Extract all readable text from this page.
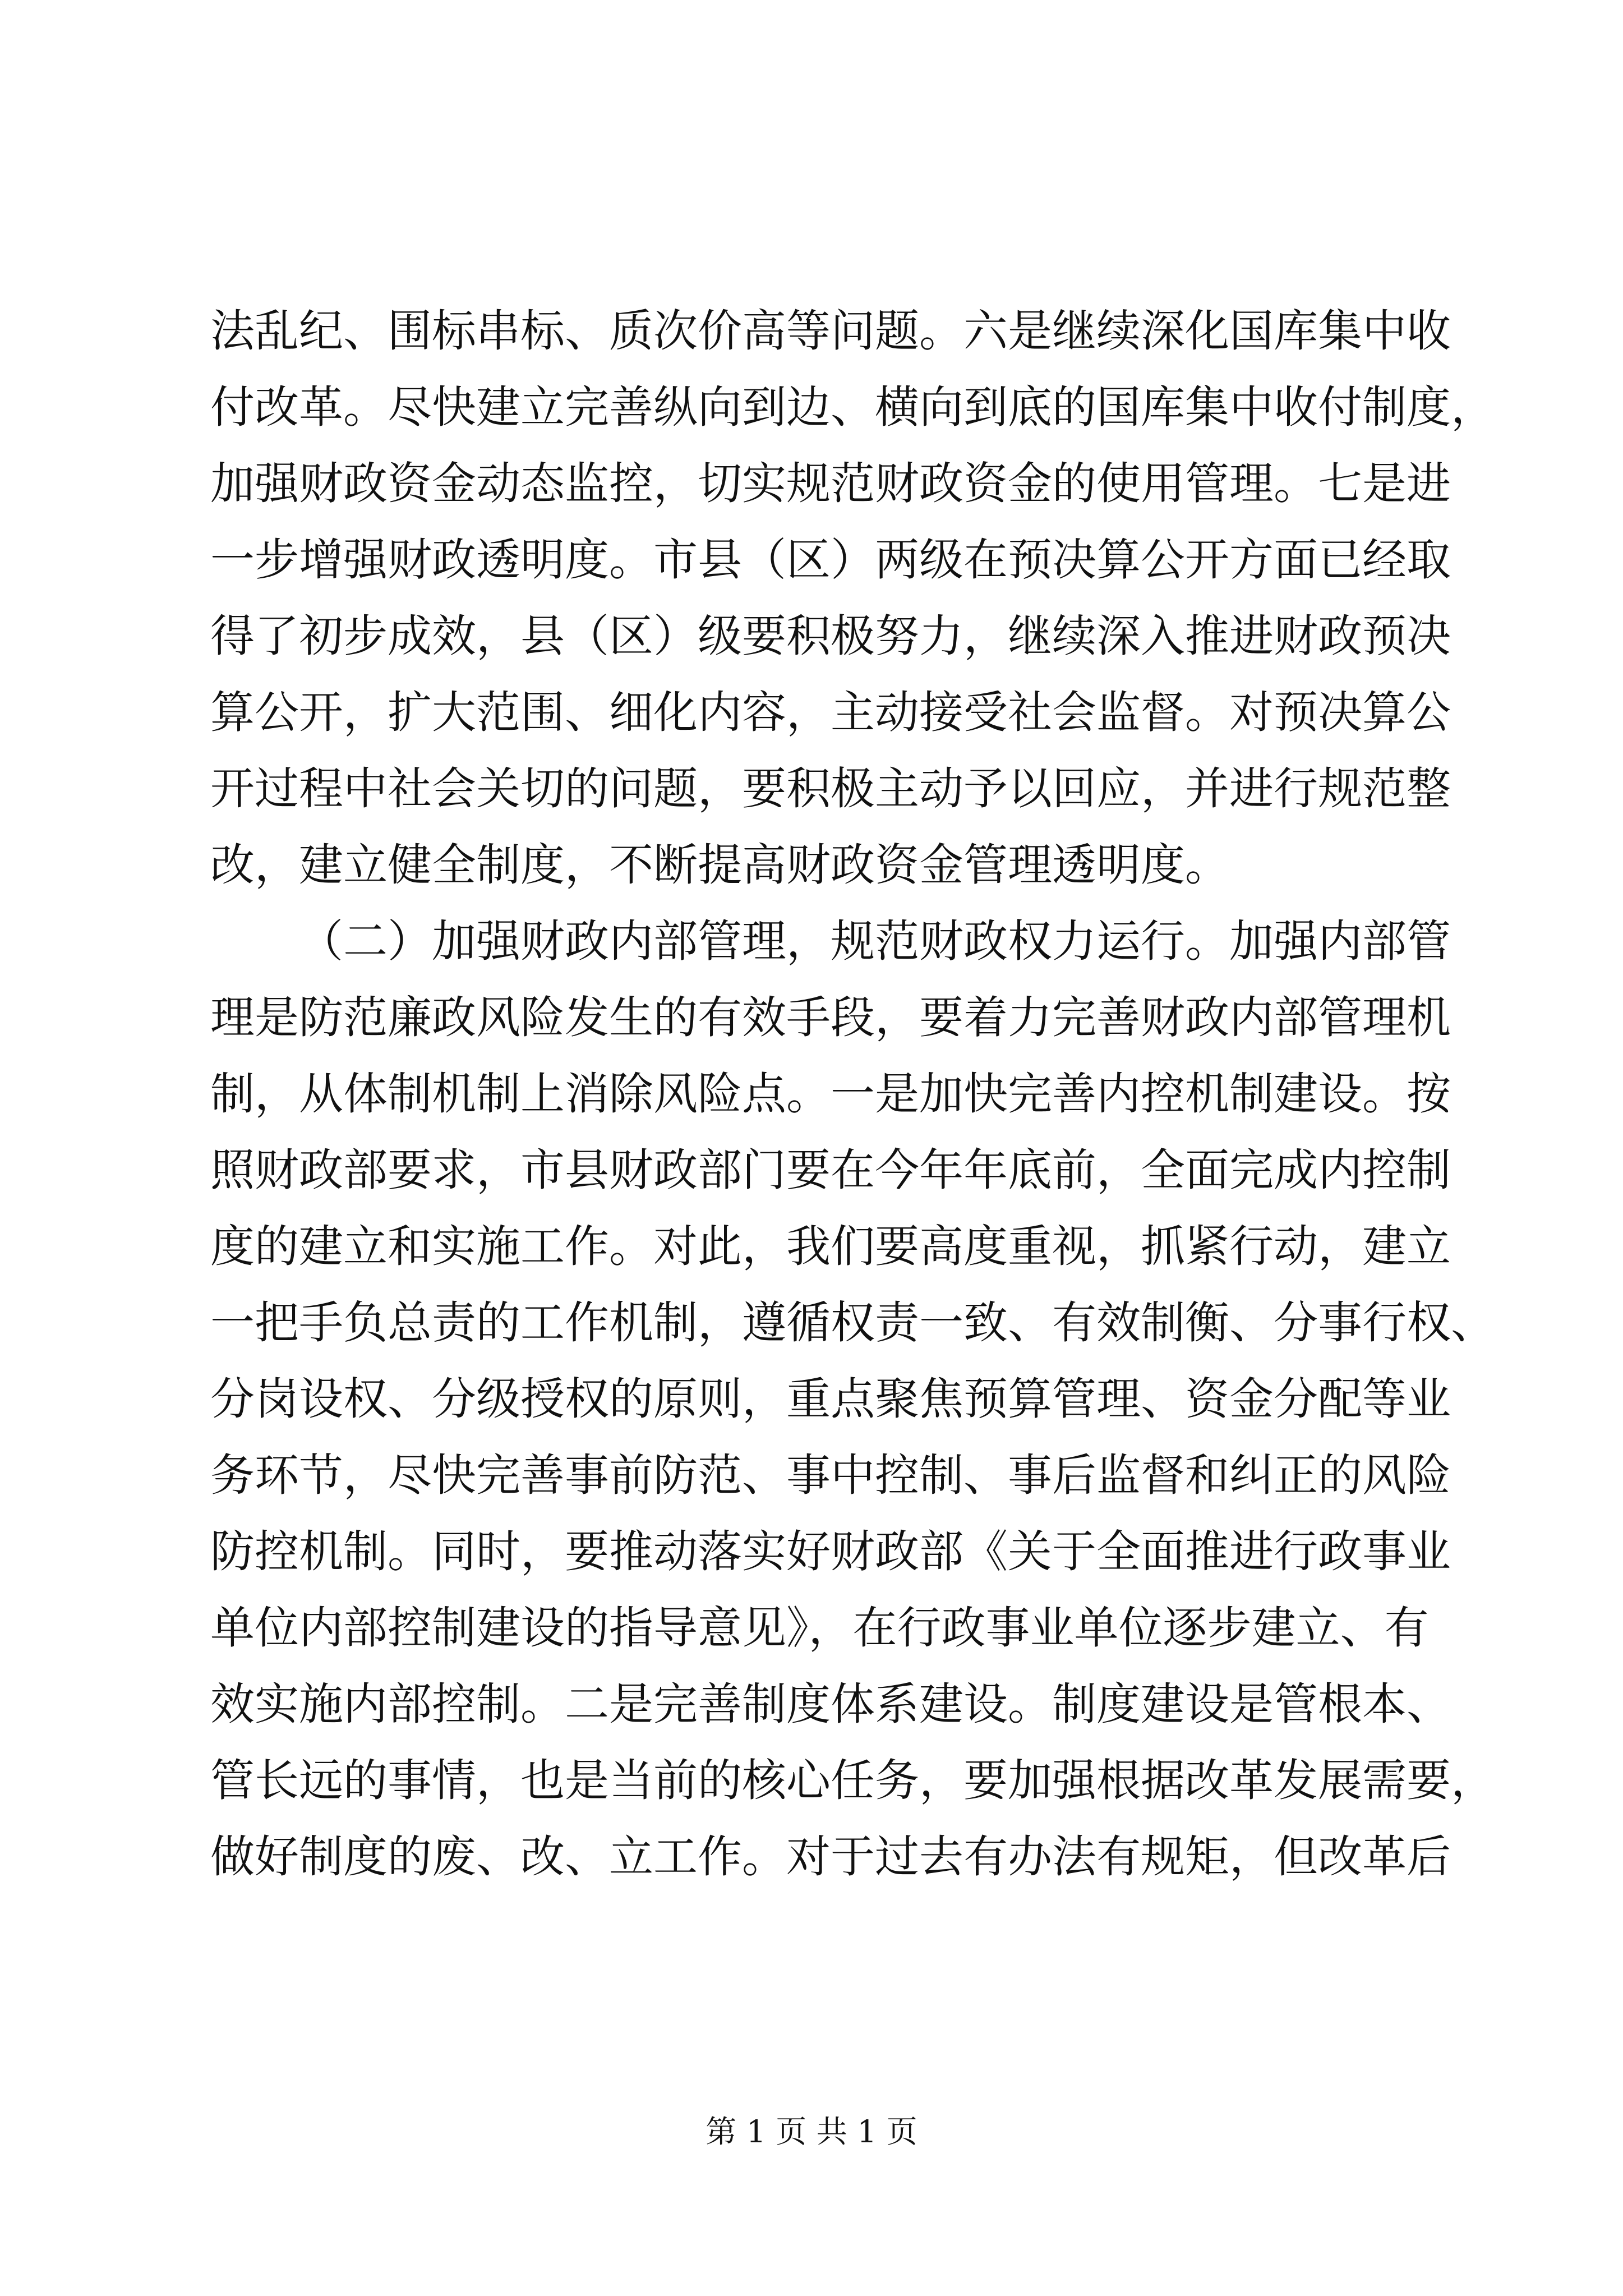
法乱纪、围标串标、质次价高等问题。六是继续深化国库集中收
付改革。尽快建立完善纵向到边、横向到底的国库集中收付制度，
加强财政资金动态监控，切实规范财政资金的使用管理。七是进
一步增强财政透明度。市县（区）两级在预决算公开方面已经取
得了初步成效，县（区）级要积极努力，继续深入推进财政预决
算公开，扩大范围、细化内容，主动接受社会监督。对预决算公
开过程中社会关切的问题，要积极主动予以回应，并进行规范整
改，建立健全制度，不断提高财政资金管理透明度。
（二）加强财政内部管理，规范财政权力运行。加强内部管
理是防范廉政风险发生的有效手段，要着力完善财政内部管理机
制，从体制机制上消除风险点。一是加快完善内控机制建设。按
照财政部要求，市县财政部门要在今年年底前，全面完成内控制
度的建立和实施工作。对此，我们要高度重视，抓紧行动，建立
一把手负总责的工作机制，遵循权责一致、有效制衡、分事行权、
分岗设权、分级授权的原则，重点聚焦预算管理、资金分配等业
务环节，尽快完善事前防范、事中控制、事后监督和纠正的风险
防控机制。同时，要推动落实好财政部《关于全面推进行政事业
单位内部控制建设的指导意见》，在行政事业单位逐步建立、有
效实施内部控制。二是完善制度体系建设。制度建设是管根本、
管长远的事情，也是当前的核心任务，要加强根据改革发展需要，
做好制度的废、改、立工作。对于过去有办法有规矩，但改革后
第 1 页 共 1 页
